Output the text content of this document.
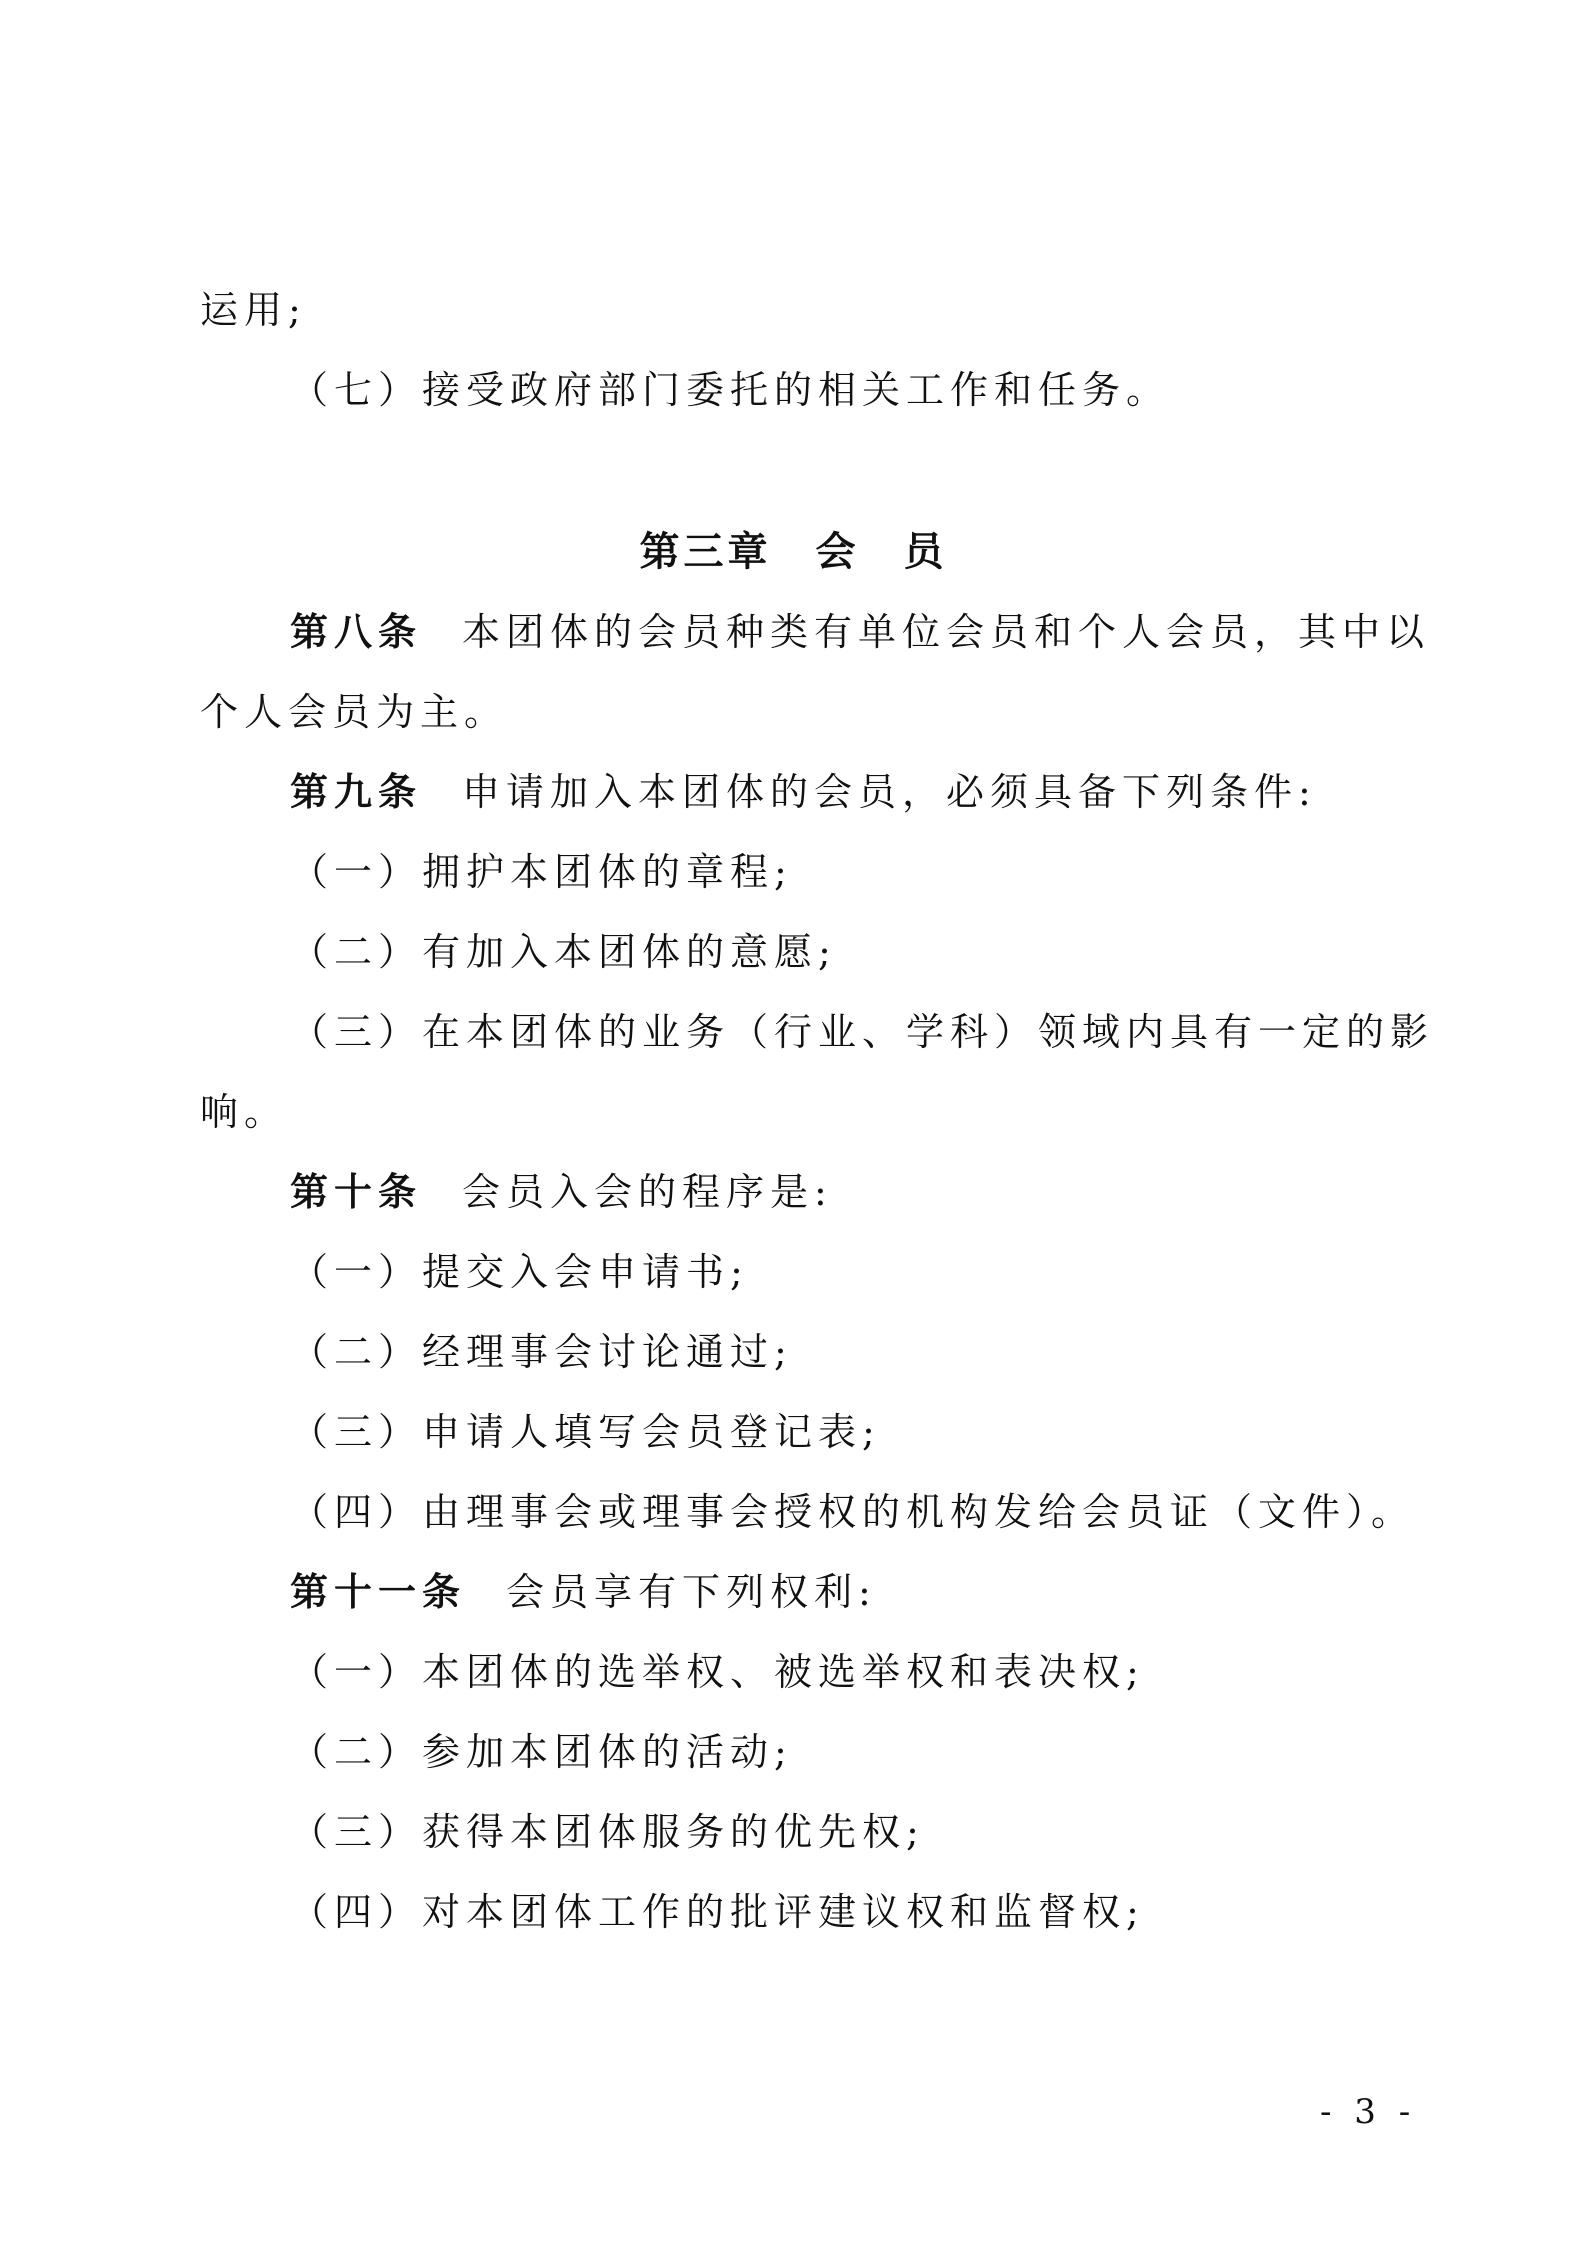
运用;
（七）接受政府部门委托的相关工作和任务。
第三章　会　员
第八条 本团体的会员种类有单位会员和个人会员，其中以
个人会员为主。
第九条 申请加入本团体的会员，必须具备下列条件:
（一）拥护本团体的章程;
（二）有加入本团体的意愿;
（三）在本团体的业务（行业、学科）领域内具有一定的影
响。
第十条 会员入会的程序是:
（一）提交入会申请书;
（二）经理事会讨论通过;
（三）申请人填写会员登记表;
（四）由理事会或理事会授权的机构发给会员证（文件）。
第十一条 会员享有下列权利:
（一）本团体的选举权、被选举权和表决权;
（二）参加本团体的活动;
（三）获得本团体服务的优先权;
（四）对本团体工作的批评建议权和监督权;
- 3 -
